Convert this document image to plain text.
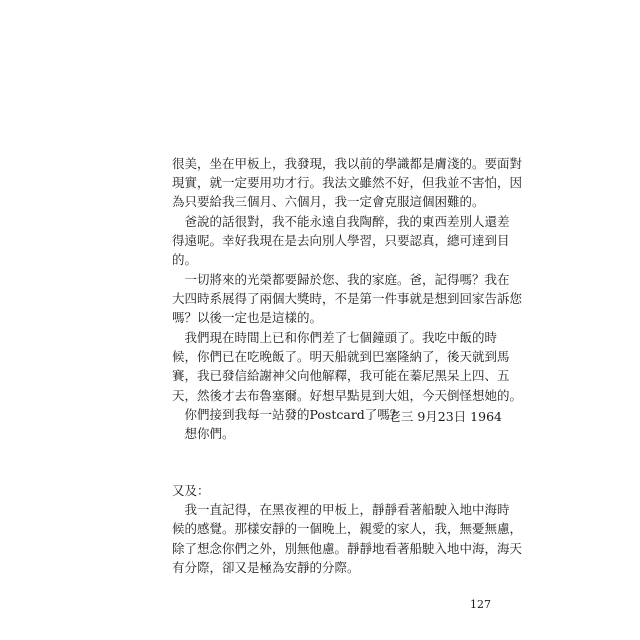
很美，坐在甲板上，我發現，我以前的學識都是膚淺的。要面對
現實，就一定要用功才行。我法文雖然不好，但我並不害怕，因
為只要給我三個月、六個月，我一定會克服這個困難的。
　爸說的話很對，我不能永遠自我陶醉，我的東西差別人還差
得遠呢。幸好我現在是去向別人學習，只要認真，總可達到目
的。
　一切將來的光榮都要歸於您、我的家庭。爸，記得嗎？我在
大四時系展得了兩個大獎時，不是第一件事就是想到回家告訴您
嗎？以後一定也是這樣的。
　我們現在時間上已和你們差了七個鐘頭了。我吃中飯的時
候，你們已在吃晚飯了。明天船就到巴塞隆納了，後天就到馬
賽，我已發信給謝神父向他解釋，我可能在蓁尼黑呆上四、五
天，然後才去布魯塞爾。好想早點見到大姐，今天倒怪想她的。
　你們接到我每一站發的Postcard了嗎？
　想你們。
老三 9月23日 1964
又及：
　我一直記得，在黑夜裡的甲板上，靜靜看著船駛入地中海時
候的感覺。那樣安靜的一個晚上，親愛的家人，我，無憂無慮，
除了想念你們之外，別無他慮。靜靜地看著船駛入地中海，海天
有分際，卻又是極為安靜的分際。
127
